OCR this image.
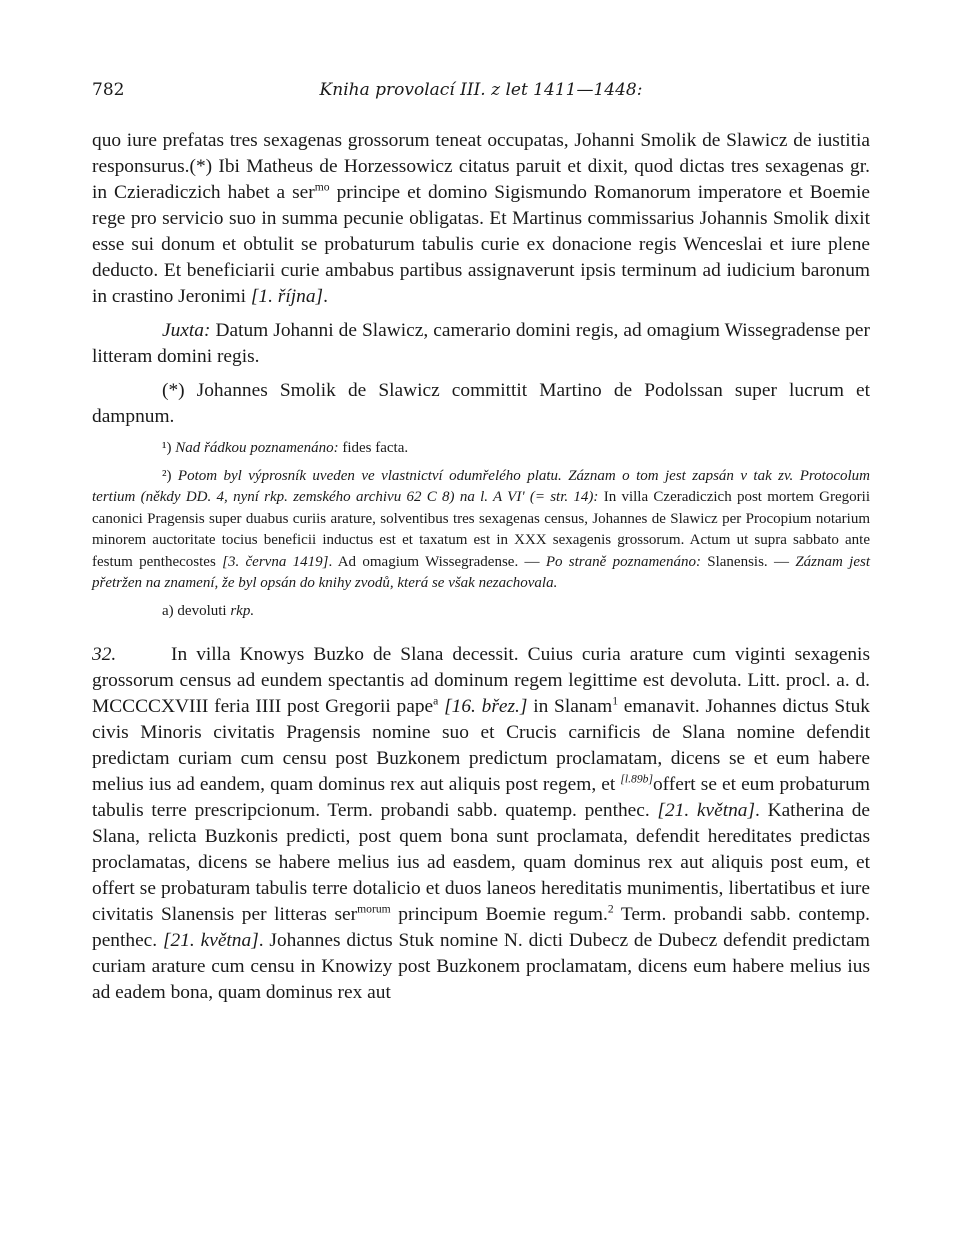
782	Kniha provolací III. z let 1411—1448:

quo iure prefatas tres sexagenas grossorum teneat occupatas, Johanni Smolik de Slawicz de iustitia responsurus.(*) Ibi Matheus de Horzessowicz citatus paruit et dixit, quod dictas tres sexagenas gr. in Czieradiczich habet a ser$^{mo}$ principe et domino Sigismundo Romanorum imperatore et Boemie rege pro servicio suo in summa pecunie obligatas. Et Martinus commissarius Johannis Smolik dixit esse sui donum et obtulit se probaturum tabulis curie ex donacione regis Wenceslai et iure plene deducto. Et beneficiarii curie ambabus partibus assignaverunt ipsis terminum ad iudicium baronum in crastino Jeronimi [1. října].

Juxta: Datum Johanni de Slawicz, camerario domini regis, ad omagium Wissegradense per litteram domini regis.

(*) Johannes Smolik de Slawicz committit Martino de Podolssan super lucrum et dampnum.

¹) Nad řádkou poznamenáno: fides facta.

²) Potom byl výprosník uveden ve vlastnictví odumřelého platu. Záznam o tom jest zapsán v tak zv. Protocolum tertium (někdy DD. 4, nyní rkp. zemského archivu 62 C 8) na l. A VI' (= str. 14): In villa Czeradiczich post mortem Gregorii canonici Pragensis super duabus curiis arature, solventibus tres sexagenas census, Johannes de Slawicz per Procopium notarium minorem auctoritate tocius beneficii inductus est et taxatum est in XXX sexagenis grossorum. Actum ut supra sabbato ante festum penthecostes [3. června 1419]. Ad omagium Wissegradense. — Po straně poznamenáno: Slanensis. — Záznam jest přetržen na znamení, že byl opsán do knihy zvodů, která se však nezachovala.

a) devoluti rkp.

32. In villa Knowys Buzko de Slana decessit. Cuius curia arature cum viginti sexagenis grossorum census ad eundem spectantis ad dominum regem legittime est devoluta. Litt. procl. a. d. MCCCCXVIII feria IIII post Gregorii pape$^a$ [16. břez.] in Slanam$^1$ emanavit. Johannes dictus Stuk civis Minoris civitatis Pragensis nomine suo et Crucis carnificis de Slana nomine defendit predictam curiam cum censu post Buzkonem predictum proclamatam, dicens se et eum habere melius ius ad eandem, quam dominus rex aut aliquis post regem, et [l.89b]offert se et eum probaturum tabulis terre prescripcionum. Term. probandi sabb. quatemp. penthec. [21. května]. Katherina de Slana, relicta Buzkonis predicti, post quem bona sunt proclamata, defendit hereditates predictas proclamatas, dicens se habere melius ius ad easdem, quam dominus rex aut aliquis post eum, et offert se probaturam tabulis terre dotalicio et duos laneos hereditatis munimentis, libertatibus et iure civitatis Slanensis per litteras ser$^{morum}$ principum Boemie regum.$^2$ Term. probandi sabb. contemp. penthec. [21. května]. Johannes dictus Stuk nomine N. dicti Dubecz de Dubecz defendit predictam curiam arature cum censu in Knowizy post Buzkonem proclamatam, dicens eum habere melius ius ad eadem bona, quam dominus rex aut
